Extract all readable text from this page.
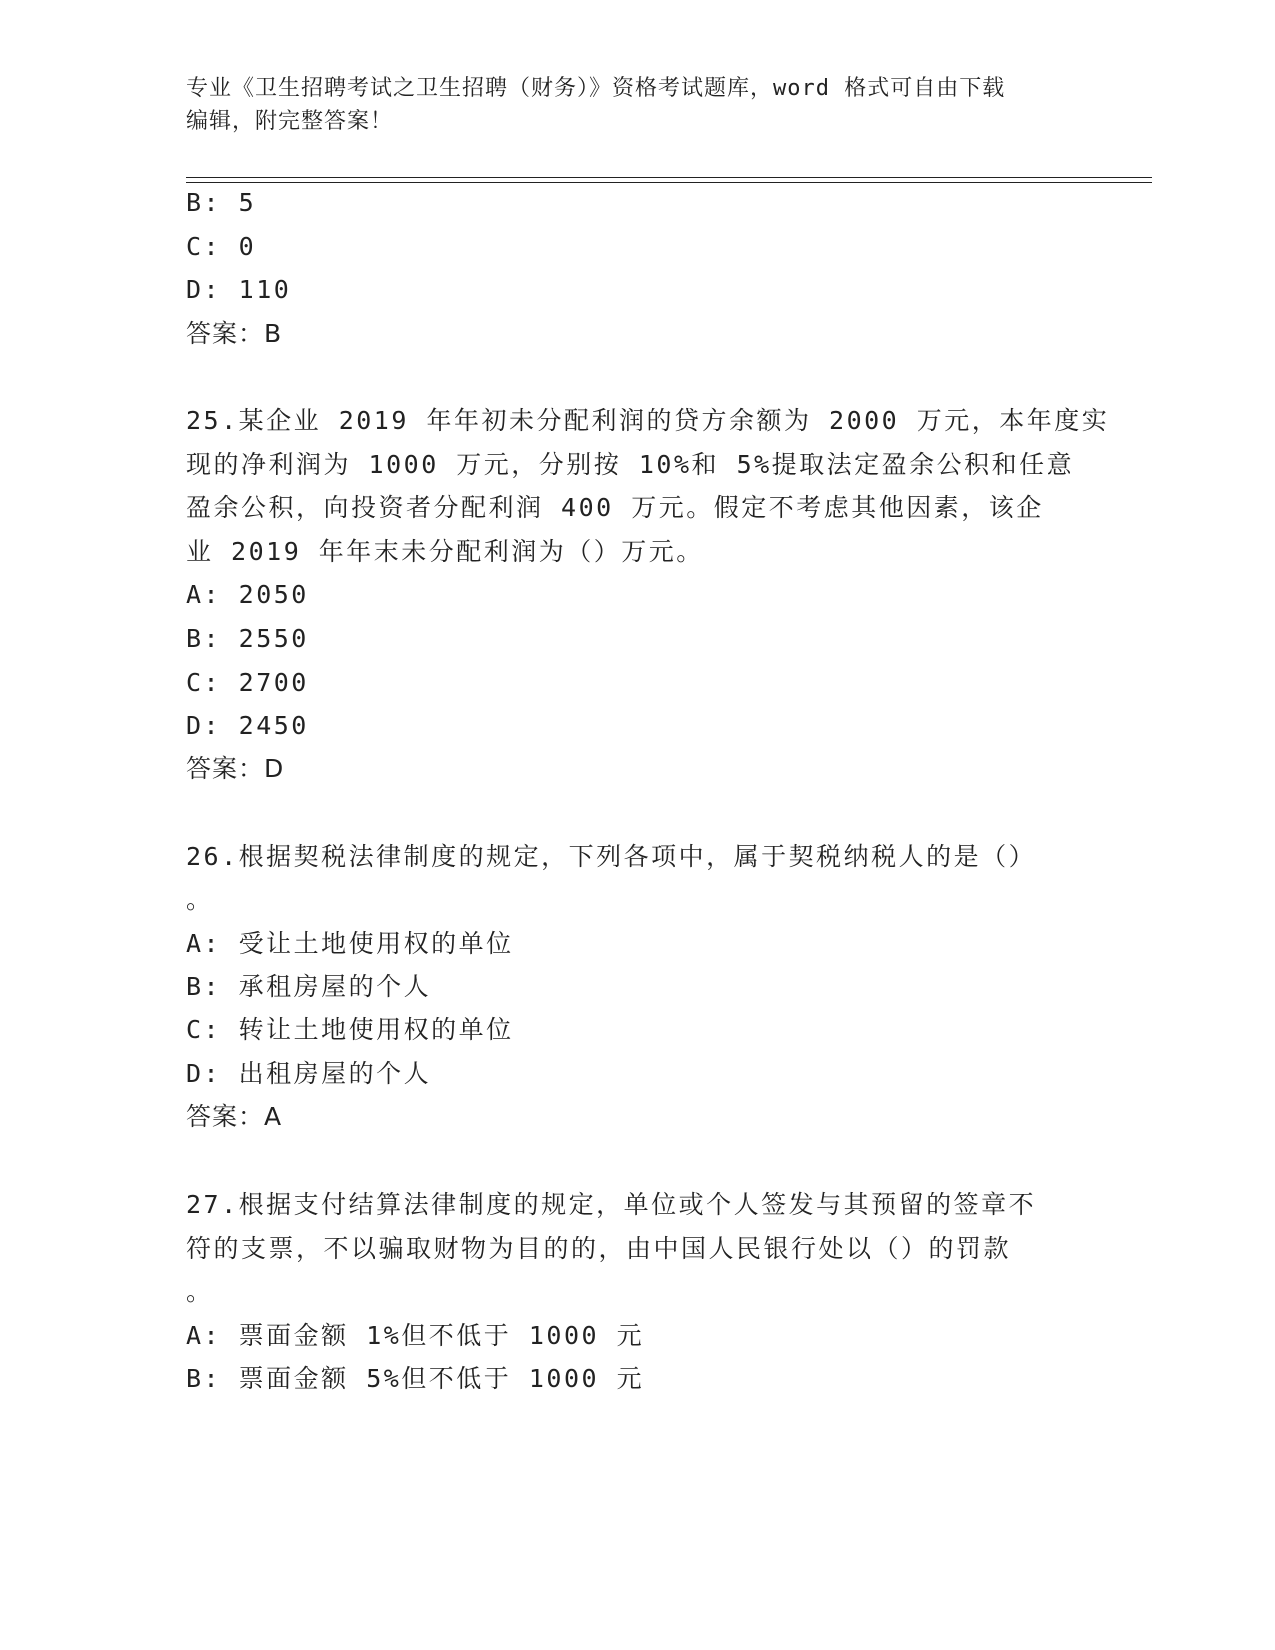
专业《卫生招聘考试之卫生招聘（财务）》资格考试题库，word 格式可自由下载
编辑，附完整答案！
B: 5
C: 0
D: 110
答案：B
25.某企业 2019 年年初未分配利润的贷方余额为 2000 万元，本年度实
现的净利润为 1000 万元，分别按 10%和 5%提取法定盈余公积和任意
盈余公积，向投资者分配利润 400 万元。假定不考虑其他因素，该企
业 2019 年年末未分配利润为（）万元。
A: 2050
B: 2550
C: 2700
D: 2450
答案：D
26.根据契税法律制度的规定，下列各项中，属于契税纳税人的是（）
。
A: 受让土地使用权的单位
B: 承租房屋的个人
C: 转让土地使用权的单位
D: 出租房屋的个人
答案：A
27.根据支付结算法律制度的规定，单位或个人签发与其预留的签章不
符的支票，不以骗取财物为目的的，由中国人民银行处以（）的罚款
。
A: 票面金额 1%但不低于 1000 元
B: 票面金额 5%但不低于 1000 元
